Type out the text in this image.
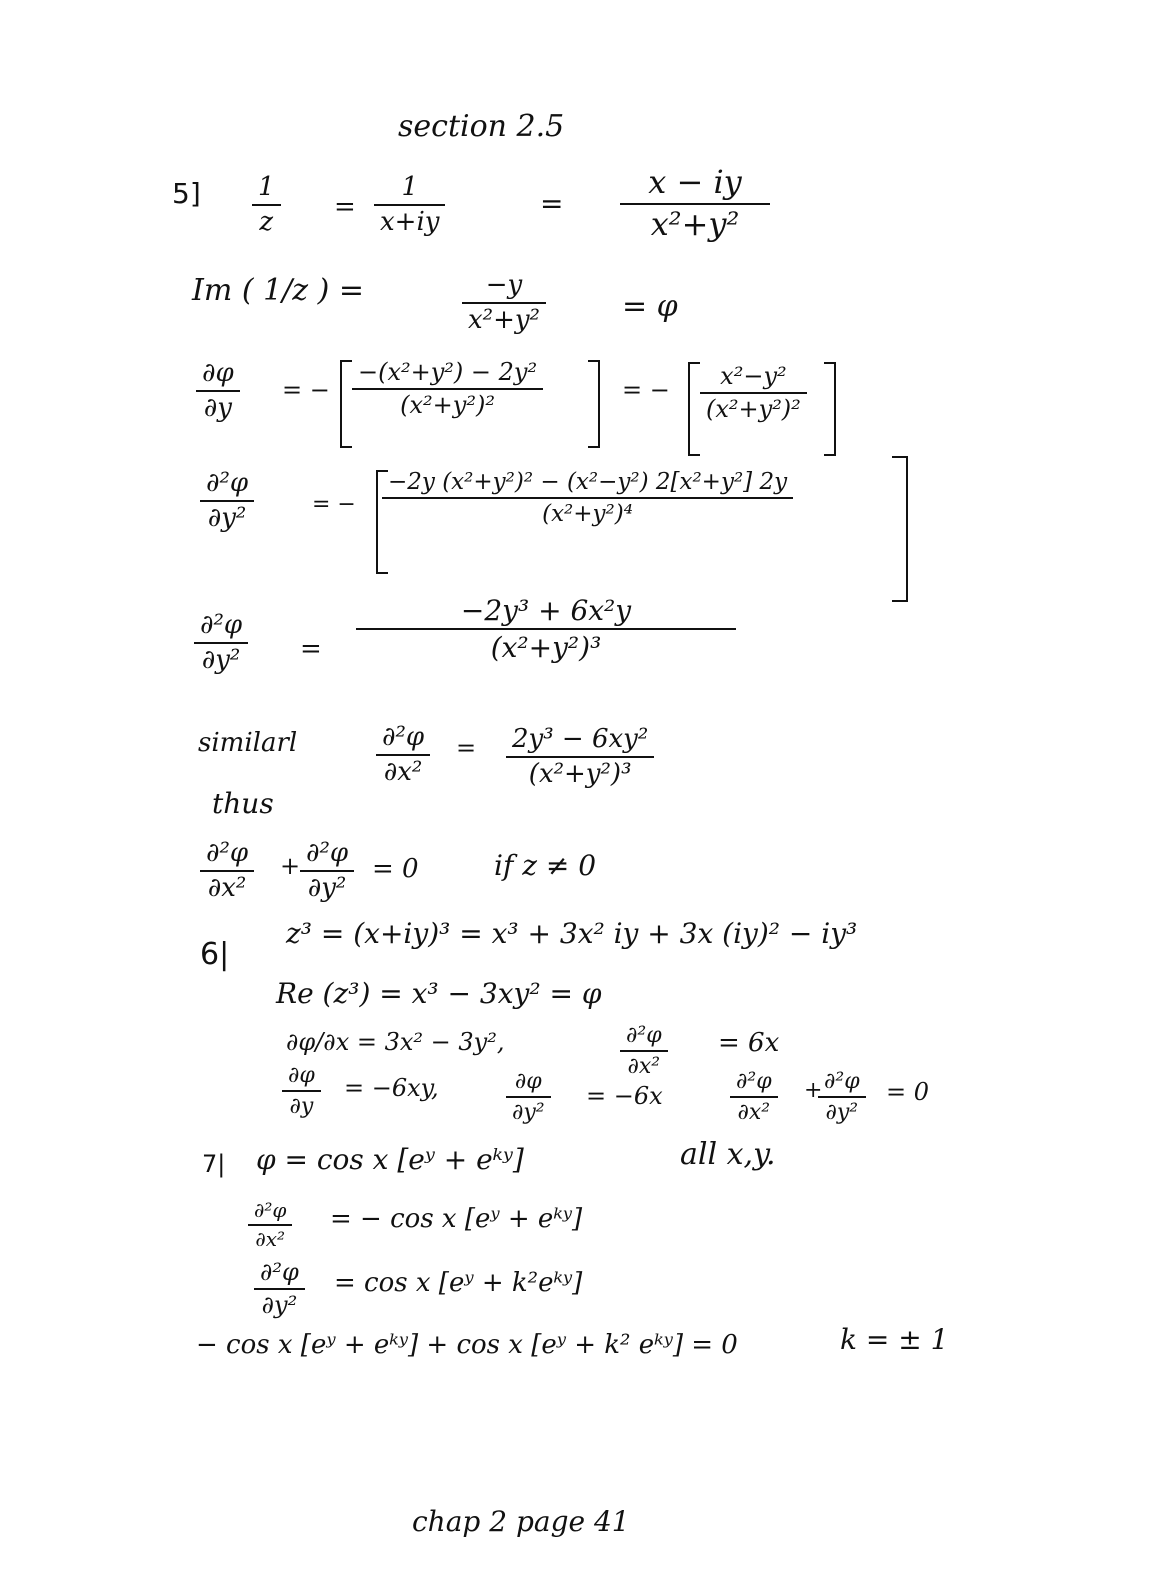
section 2.5
5] 1
z
=
1
x+iy
=
x − iy
x²+y²
Im ( 1/z ) =	−y
x²+y²	= φ
∂φ
∂y
= −
−(x²+y²) − 2y²
(x²+y²)²
= − x²−y²
(x²+y²)²
∂²φ
∂y²	= −
−2y (x²+y²)² − (x²−y²) 2[x²+y²] 2y
(x²+y²)⁴
∂²φ
∂y² =
−2y³ + 6x²y
(x²+y²)³
similarl	∂²φ
∂x²
= 2y³ − 6xy²
(x²+y²)³
thus
∂²φ
∂x²
+ ∂²φ
∂y²
= 0	if z ≠ 0
6|
z³ = (x+iy)³ = x³ + 3x² iy + 3x (iy)² − iy³
Re (z³) = x³ − 3xy² = φ
∂φ/∂x = 3x² − 3y²,	∂²φ
∂x²
= 6x
∂φ
∂y
= −6xy,	∂φ
∂y²
= −6x
∂²φ
∂x²
+ ∂²φ
∂y²
= 0
all x,y.
7| φ = cos x [eʸ + eᵏʸ]
∂²φ
∂x²
= − cos x [eʸ + eᵏʸ]
∂²φ
∂y²
= cos x [eʸ + k²eᵏʸ]
− cos x [eʸ + eᵏʸ] + cos x [eʸ + k² eᵏʸ] = 0	k = ± 1
chap 2 page 41
